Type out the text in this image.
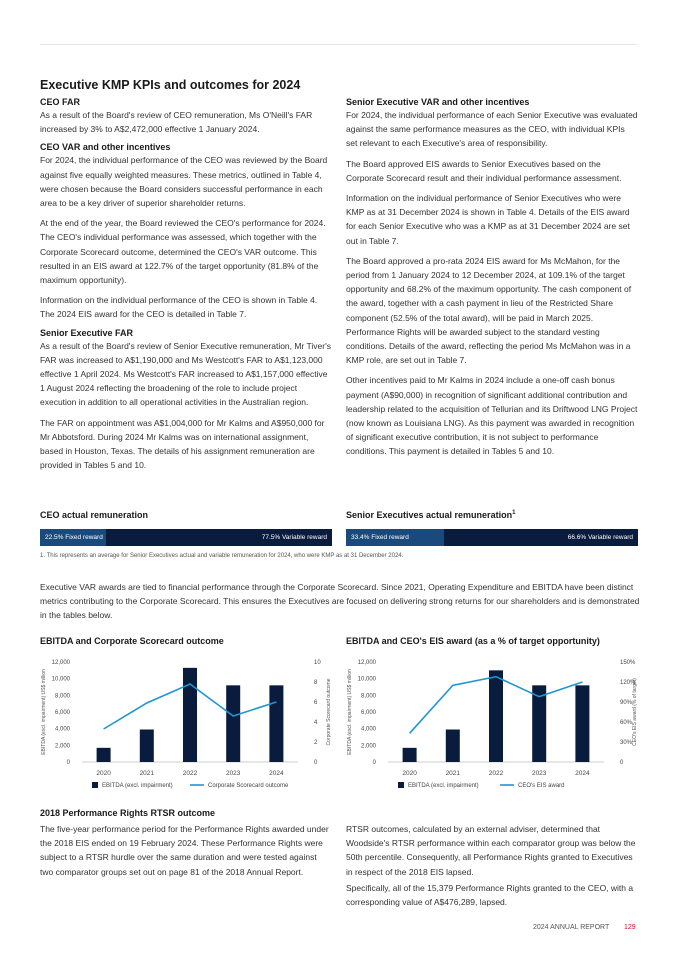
Executive KMP KPIs and outcomes for 2024
CEO FAR

As a result of the Board's review of CEO remuneration, Ms O'Neill's FAR increased by 3% to A$2,472,000 effective 1 January 2024.

CEO VAR and other incentives

For 2024, the individual performance of the CEO was reviewed by the Board against five equally weighted measures. These metrics, outlined in Table 4, were chosen because the Board considers successful performance in each area to be a key driver of superior shareholder returns.

At the end of the year, the Board reviewed the CEO's performance for 2024. The CEO's individual performance was assessed, which together with the Corporate Scorecard outcome, determined the CEO's VAR outcome. This resulted in an EIS award at 122.7% of the target opportunity (81.8% of the maximum opportunity).

Information on the individual performance of the CEO is shown in Table 4. The 2024 EIS award for the CEO is detailed in Table 7.

Senior Executive FAR

As a result of the Board's review of Senior Executive remuneration, Mr Tiver's FAR was increased to A$1,190,000 and Ms Westcott's FAR to A$1,123,000 effective 1 April 2024. Ms Westcott's FAR increased to A$1,157,000 effective 1 August 2024 reflecting the broadening of the role to include project execution in addition to all operational activities in the Australian region.

The FAR on appointment was A$1,004,000 for Mr Kalms and A$950,000 for Mr Abbotsford. During 2024 Mr Kalms was on international assignment, based in Houston, Texas. The details of his assignment remuneration are provided in Tables 5 and 10.

Senior Executive VAR and other incentives

For 2024, the individual performance of each Senior Executive was evaluated against the same performance measures as the CEO, with individual KPIs set relevant to each Executive's area of responsibility.

The Board approved EIS awards to Senior Executives based on the Corporate Scorecard result and their individual performance assessment.

Information on the individual performance of Senior Executives who were KMP as at 31 December 2024 is shown in Table 4. Details of the EIS award for each Senior Executive who was a KMP as at 31 December 2024 are set out in Table 7.

The Board approved a pro-rata 2024 EIS award for Ms McMahon, for the period from 1 January 2024 to 12 December 2024, at 109.1% of the target opportunity and 68.2% of the maximum opportunity. The cash component of the award, together with a cash payment in lieu of the Restricted Share component (52.5% of the total award), will be paid in March 2025. Performance Rights will be awarded subject to the standard vesting conditions. Details of the award, reflecting the period Ms McMahon was in a KMP role, are set out in Table 7.

Other incentives paid to Mr Kalms in 2024 include a one-off cash bonus payment (A$90,000) in recognition of significant additional contribution and leadership related to the acquisition of Tellurian and its Driftwood LNG Project (now known as Louisiana LNG). As this payment was awarded in recognition of significant executive contribution, it is not subject to performance conditions. This payment is detailed in Tables 5 and 10.

CEO actual remuneration
22.5% Fixed reward	77.5% Variable reward
Senior Executives actual remuneration$^1$
33.4% Fixed reward	66.6% Variable reward
1. This represents an average for Senior Executives actual and variable remuneration for 2024, who were KMP as at 31 December 2024.

Executive VAR awards are tied to financial performance through the Corporate Scorecard. Since 2021, Operating Expenditure and EBITDA have been distinct metrics contributing to the Corporate Scorecard. This ensures the Executives are focused on delivering strong returns for our shareholders and is demonstrated in the tables below.

EBITDA and Corporate Scorecard outcome	EBITDA and CEO's EIS award (as a % of target opportunity)
EBITDA (excl. impairment) US$ million	Corporate Scorecard outcome
0
2,000
4,000
6,000
8,000
10,000
12,000
0
2
4
6
8
10
2020	2021	2022	2023	2024
EBITDA (excl. impairment)	Corporate Scorecard outcome
EBITDA (excl. impairment) US$ million	CEO's EIS award (% of target)
0
2,000
4,000
6,000
8,000
10,000
12,000
0
30%
60%
90%
120%
150%
2020	2021	2022	2023	2024
EBITDA (excl. impairment)	CEO's EIS award
2018 Performance Rights RTSR outcome

The five-year performance period for the Performance Rights awarded under the 2018 EIS ended on 19 February 2024. These Performance Rights were subject to a RTSR hurdle over the same duration and were tested against two comparator groups set out on page 81 of the 2018 Annual Report.

RTSR outcomes, calculated by an external adviser, determined that Woodside's RTSR performance within each comparator group was below the 50th percentile. Consequently, all Performance Rights granted to Executives in respect of the 2018 EIS lapsed.

Specifically, all of the 15,379 Performance Rights granted to the CEO, with a corresponding value of A$476,289, lapsed.

2024 ANNUAL REPORT 129
